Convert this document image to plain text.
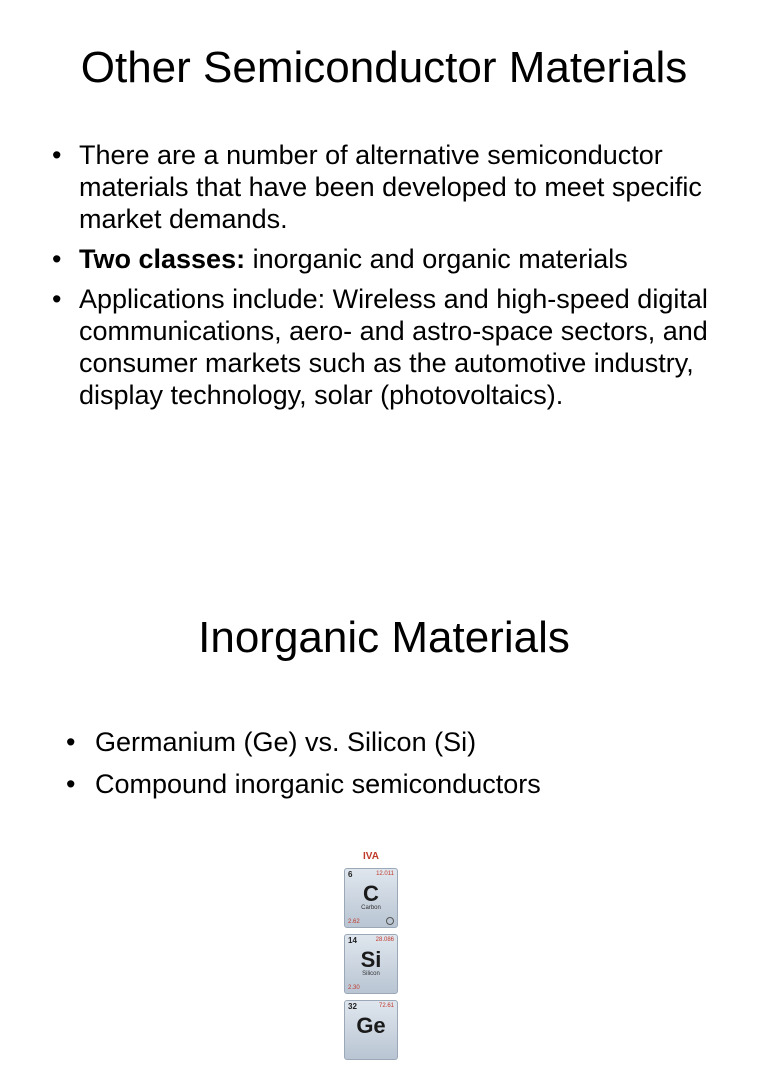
Other Semiconductor Materials
• There are a number of alternative semiconductor materials that have been developed to meet specific market demands.
• Two classes: inorganic and organic materials
• Applications include: Wireless and high-speed digital communications, aero- and astro-space sectors, and consumer markets such as the automotive industry, display technology, solar (photovoltaics).
Inorganic Materials
• Germanium (Ge) vs. Silicon (Si)
• Compound inorganic semiconductors
IVA
6	12.011
C
Carbon
2.62
14	28.086
Si
Silicon
2.30
32	72.61
Ge
